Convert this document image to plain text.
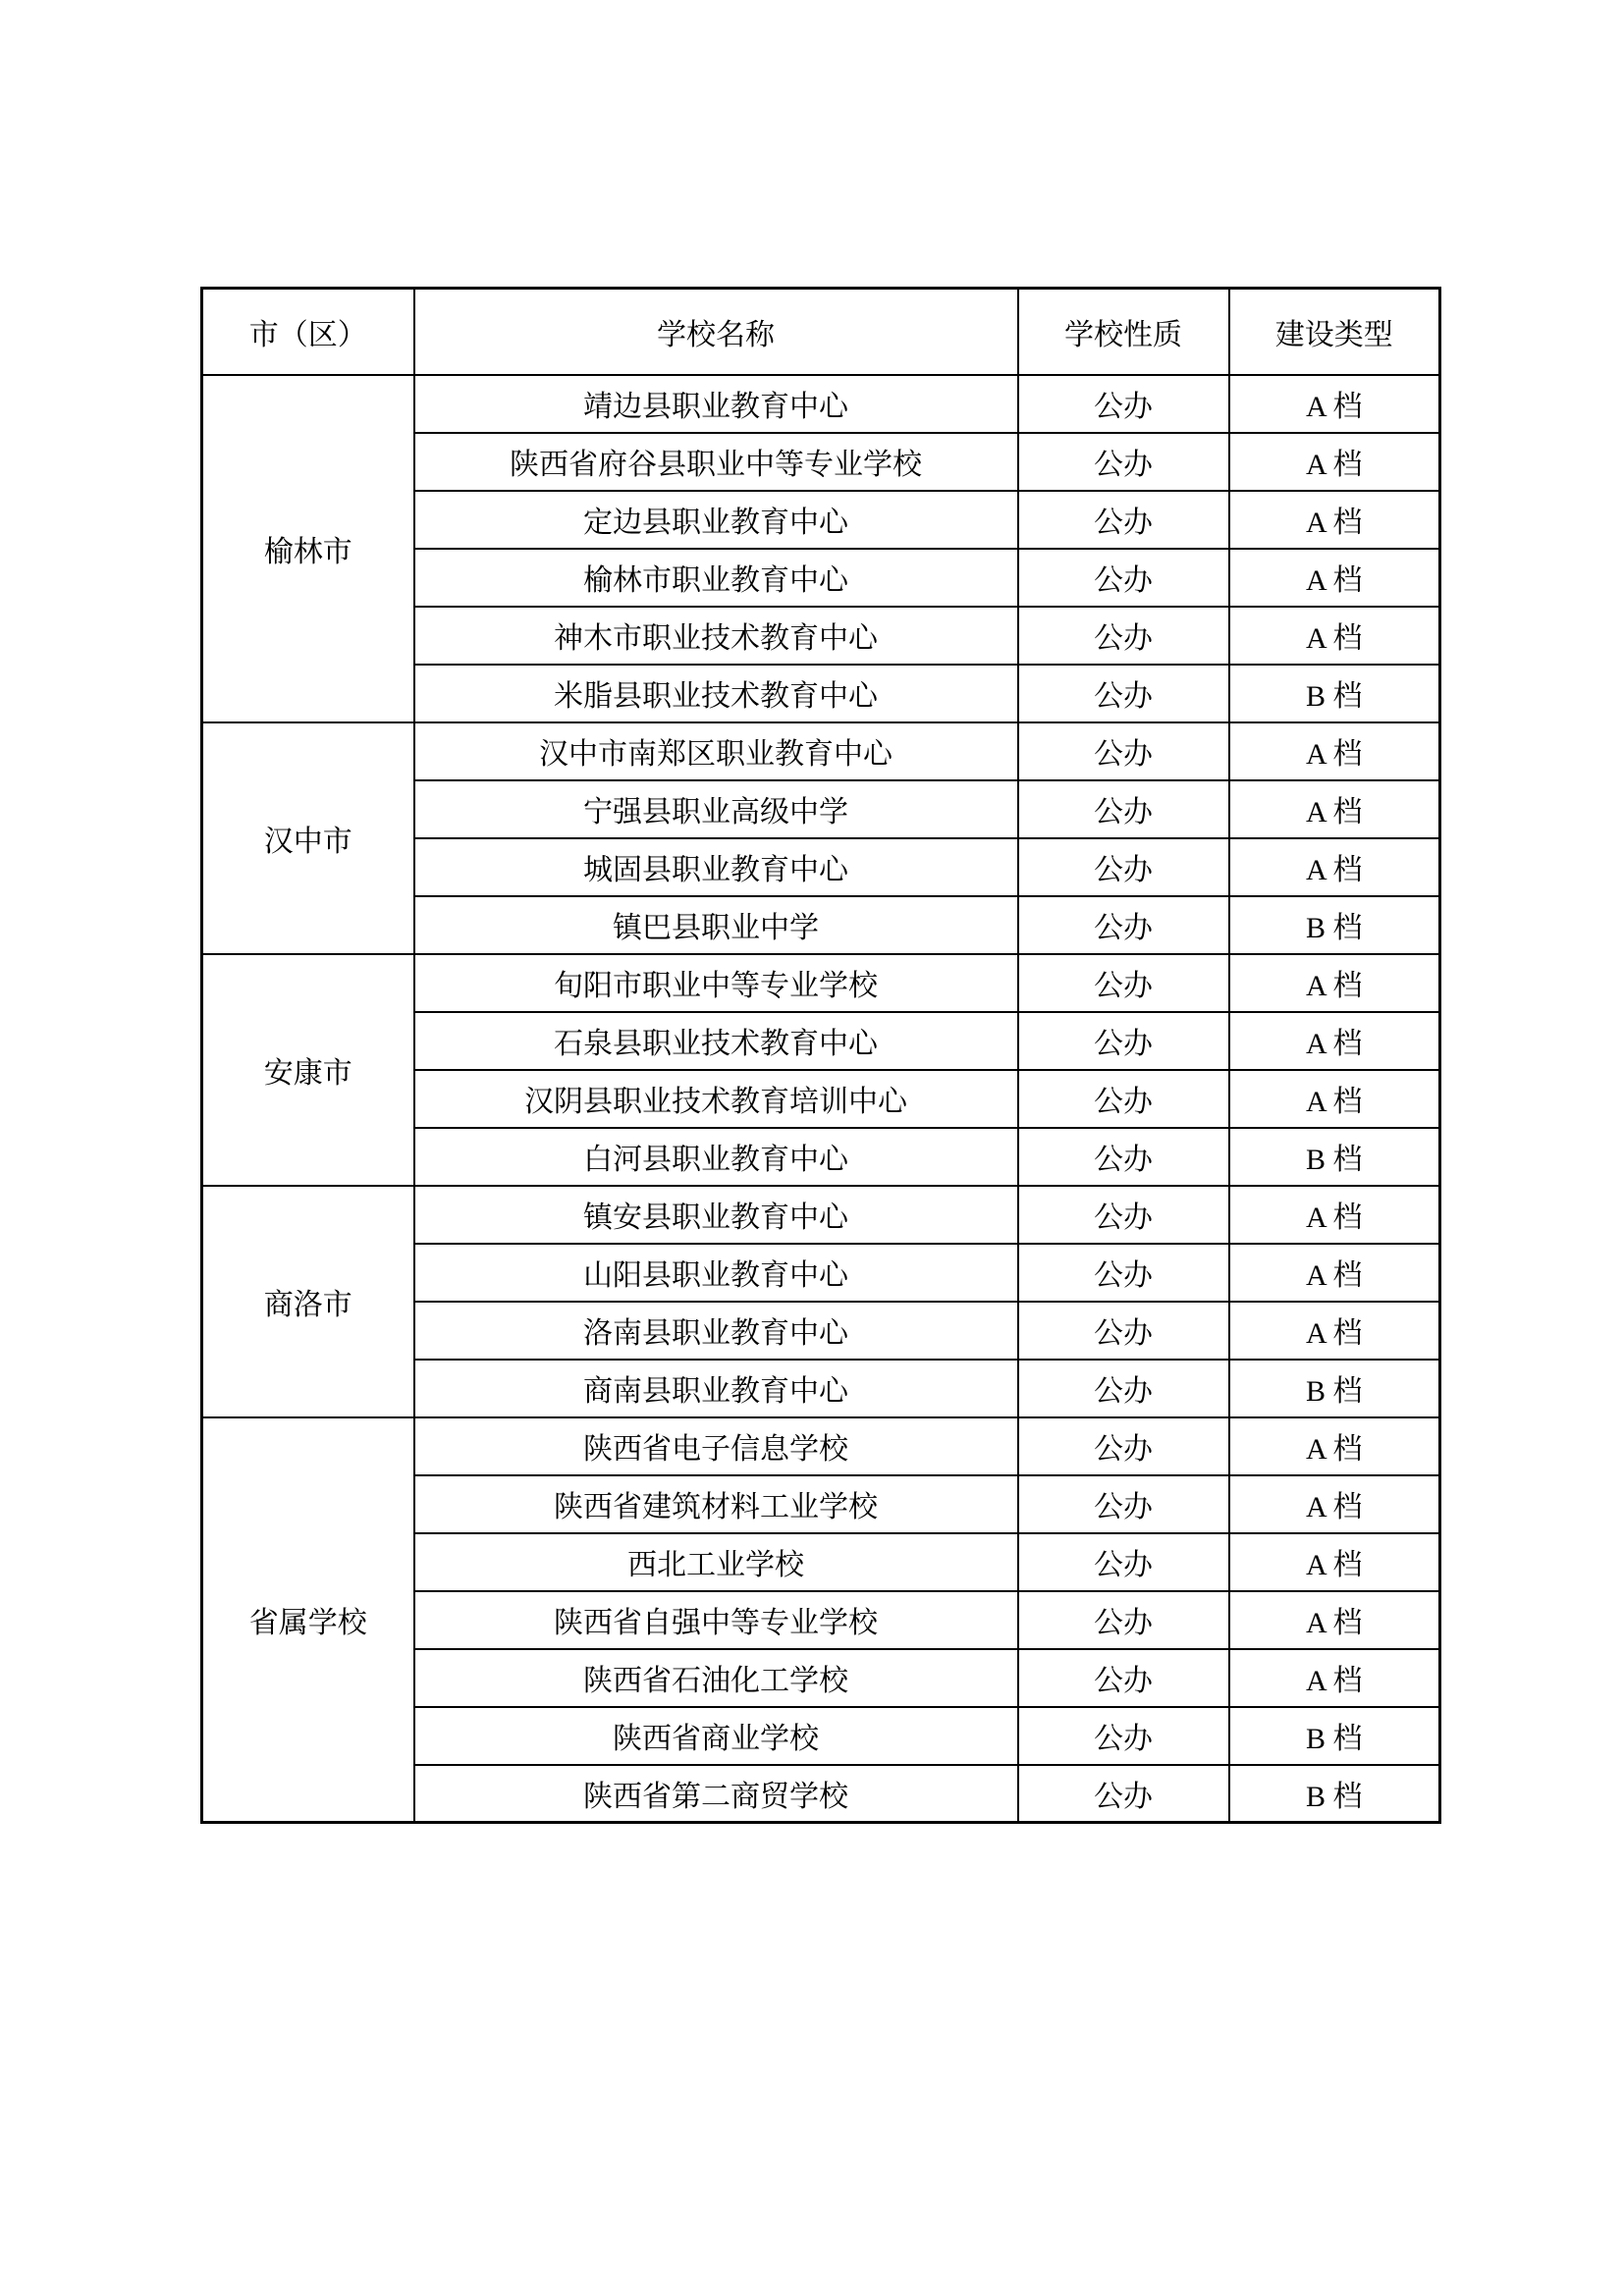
市（区）	学校名称	学校性质	建设类型
榆林市	靖边县职业教育中心	公办	A 档
	陕西省府谷县职业中等专业学校	公办	A 档
	定边县职业教育中心	公办	A 档
	榆林市职业教育中心	公办	A 档
	神木市职业技术教育中心	公办	A 档
	米脂县职业技术教育中心	公办	B 档
汉中市	汉中市南郑区职业教育中心	公办	A 档
	宁强县职业高级中学	公办	A 档
	城固县职业教育中心	公办	A 档
	镇巴县职业中学	公办	B 档
安康市	旬阳市职业中等专业学校	公办	A 档
	石泉县职业技术教育中心	公办	A 档
	汉阴县职业技术教育培训中心	公办	A 档
	白河县职业教育中心	公办	B 档
商洛市	镇安县职业教育中心	公办	A 档
	山阳县职业教育中心	公办	A 档
	洛南县职业教育中心	公办	A 档
	商南县职业教育中心	公办	B 档
省属学校	陕西省电子信息学校	公办	A 档
	陕西省建筑材料工业学校	公办	A 档
	西北工业学校	公办	A 档
	陕西省自强中等专业学校	公办	A 档
	陕西省石油化工学校	公办	A 档
	陕西省商业学校	公办	B 档
	陕西省第二商贸学校	公办	B 档
